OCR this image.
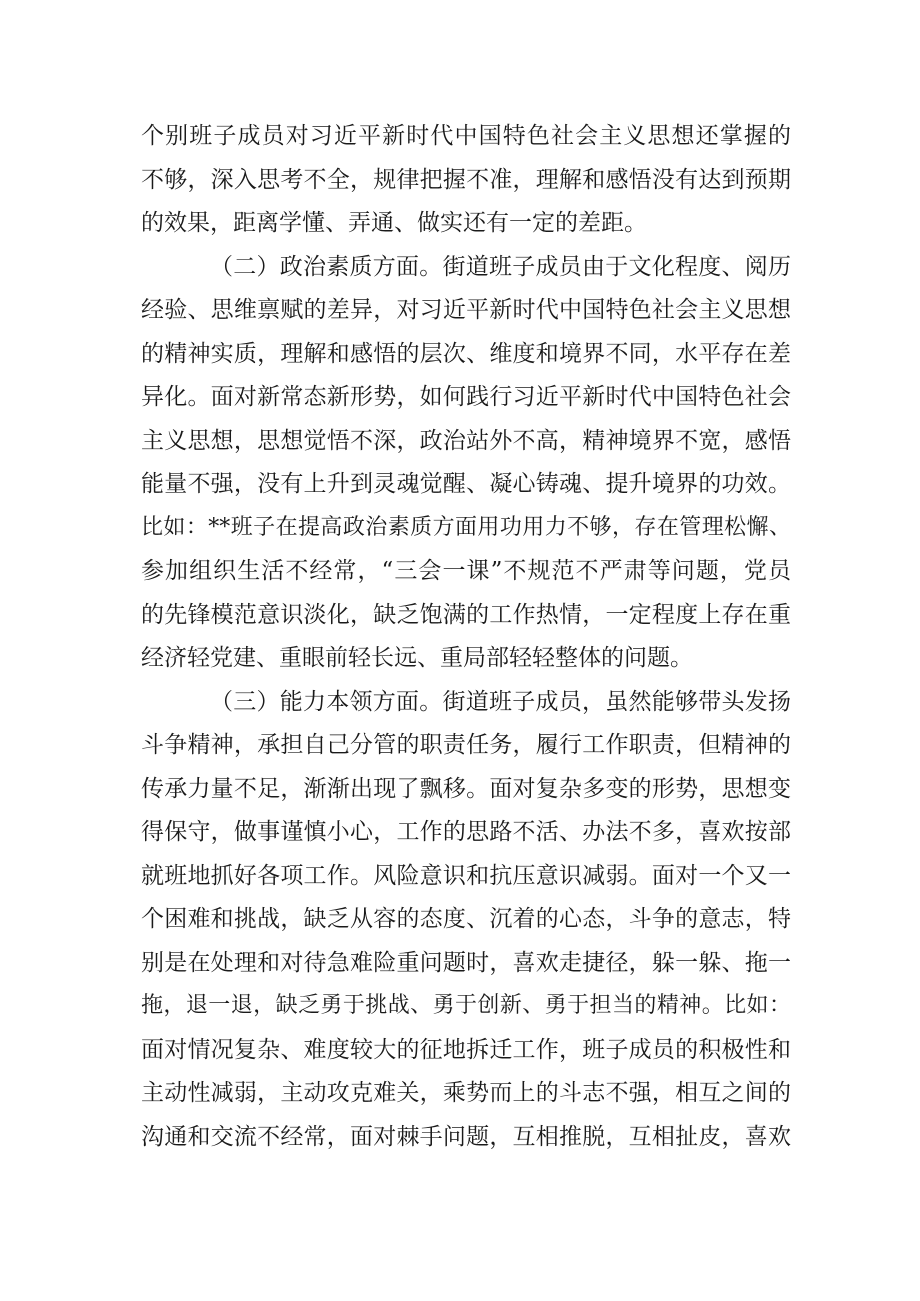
个别班子成员对习近平新时代中国特色社会主义思想还掌握的
不够，深入思考不全，规律把握不准，理解和感悟没有达到预期
的效果，距离学懂、弄通、做实还有一定的差距。
（二）政治素质方面。街道班子成员由于文化程度、阅历
经验、思维禀赋的差异，对习近平新时代中国特色社会主义思想
的精神实质，理解和感悟的层次、维度和境界不同，水平存在差
异化。面对新常态新形势，如何践行习近平新时代中国特色社会
主义思想，思想觉悟不深，政治站外不高，精神境界不宽，感悟
能量不强，没有上升到灵魂觉醒、凝心铸魂、提升境界的功效。
比如：**班子在提高政治素质方面用功用力不够，存在管理松懈、
参加组织生活不经常，“三会一课”不规范不严肃等问题，党员
的先锋模范意识淡化，缺乏饱满的工作热情，一定程度上存在重
经济轻党建、重眼前轻长远、重局部轻轻整体的问题。
（三）能力本领方面。街道班子成员，虽然能够带头发扬
斗争精神，承担自己分管的职责任务，履行工作职责，但精神的
传承力量不足，渐渐出现了飘移。面对复杂多变的形势，思想变
得保守，做事谨慎小心，工作的思路不活、办法不多，喜欢按部
就班地抓好各项工作。风险意识和抗压意识减弱。面对一个又一
个困难和挑战，缺乏从容的态度、沉着的心态，斗争的意志，特
别是在处理和对待急难险重问题时，喜欢走捷径，躲一躲、拖一
拖，退一退，缺乏勇于挑战、勇于创新、勇于担当的精神。比如：
面对情况复杂、难度较大的征地拆迁工作，班子成员的积极性和
主动性减弱，主动攻克难关，乘势而上的斗志不强，相互之间的
沟通和交流不经常，面对棘手问题，互相推脱，互相扯皮，喜欢
